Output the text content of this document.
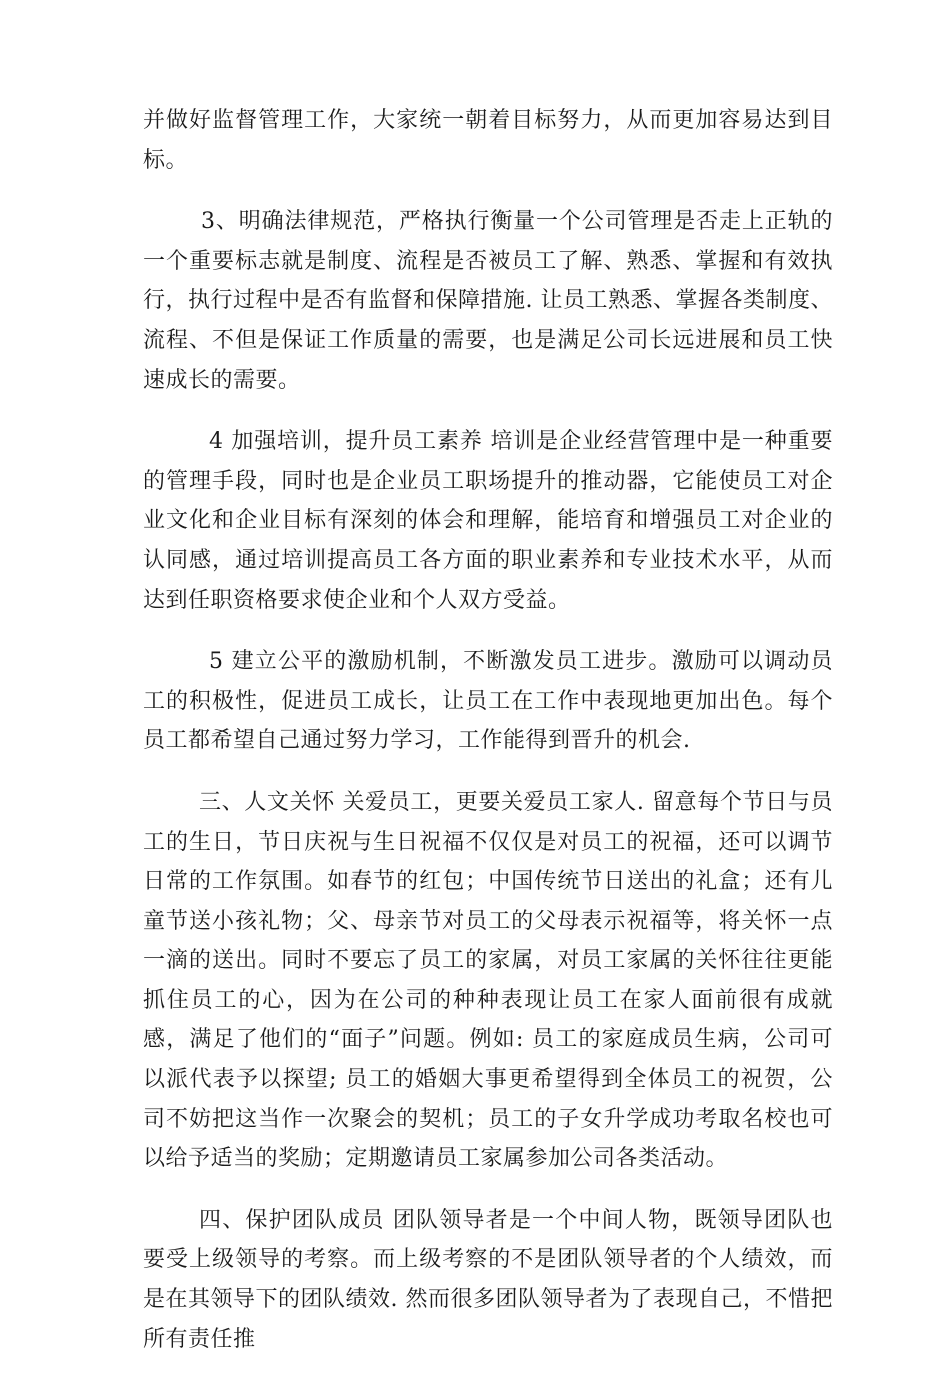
并做好监督管理工作，大家统一朝着目标努力，从而更加容易达到目标。

3、明确法律规范，严格执行衡量一个公司管理是否走上正轨的一个重要标志就是制度、流程是否被员工了解、熟悉、掌握和有效执行，执行过程中是否有监督和保障措施. 让员工熟悉、掌握各类制度、流程、不但是保证工作质量的需要，也是满足公司长远进展和员工快速成长的需要。

4 加强培训，提升员工素养 培训是企业经营管理中是一种重要的管理手段，同时也是企业员工职场提升的推动器，它能使员工对企业文化和企业目标有深刻的体会和理解，能培育和增强员工对企业的认同感，通过培训提高员工各方面的职业素养和专业技术水平，从而达到任职资格要求使企业和个人双方受益。

5 建立公平的激励机制，不断激发员工进步。激励可以调动员工的积极性，促进员工成长，让员工在工作中表现地更加出色。每个员工都希望自己通过努力学习，工作能得到晋升的机会.

三、人文关怀 关爱员工，更要关爱员工家人. 留意每个节日与员工的生日，节日庆祝与生日祝福不仅仅是对员工的祝福，还可以调节日常的工作氛围。如春节的红包；中国传统节日送出的礼盒；还有儿童节送小孩礼物；父、母亲节对员工的父母表示祝福等，将关怀一点一滴的送出。同时不要忘了员工的家属，对员工家属的关怀往往更能抓住员工的心，因为在公司的种种表现让员工在家人面前很有成就感，满足了他们的“面子”问题。例如: 员工的家庭成员生病，公司可以派代表予以探望; 员工的婚姻大事更希望得到全体员工的祝贺，公司不妨把这当作一次聚会的契机；员工的子女升学成功考取名校也可以给予适当的奖励；定期邀请员工家属参加公司各类活动。

四、保护团队成员 团队领导者是一个中间人物，既领导团队也要受上级领导的考察。而上级考察的不是团队领导者的个人绩效，而是在其领导下的团队绩效. 然而很多团队领导者为了表现自己，不惜把所有责任推
